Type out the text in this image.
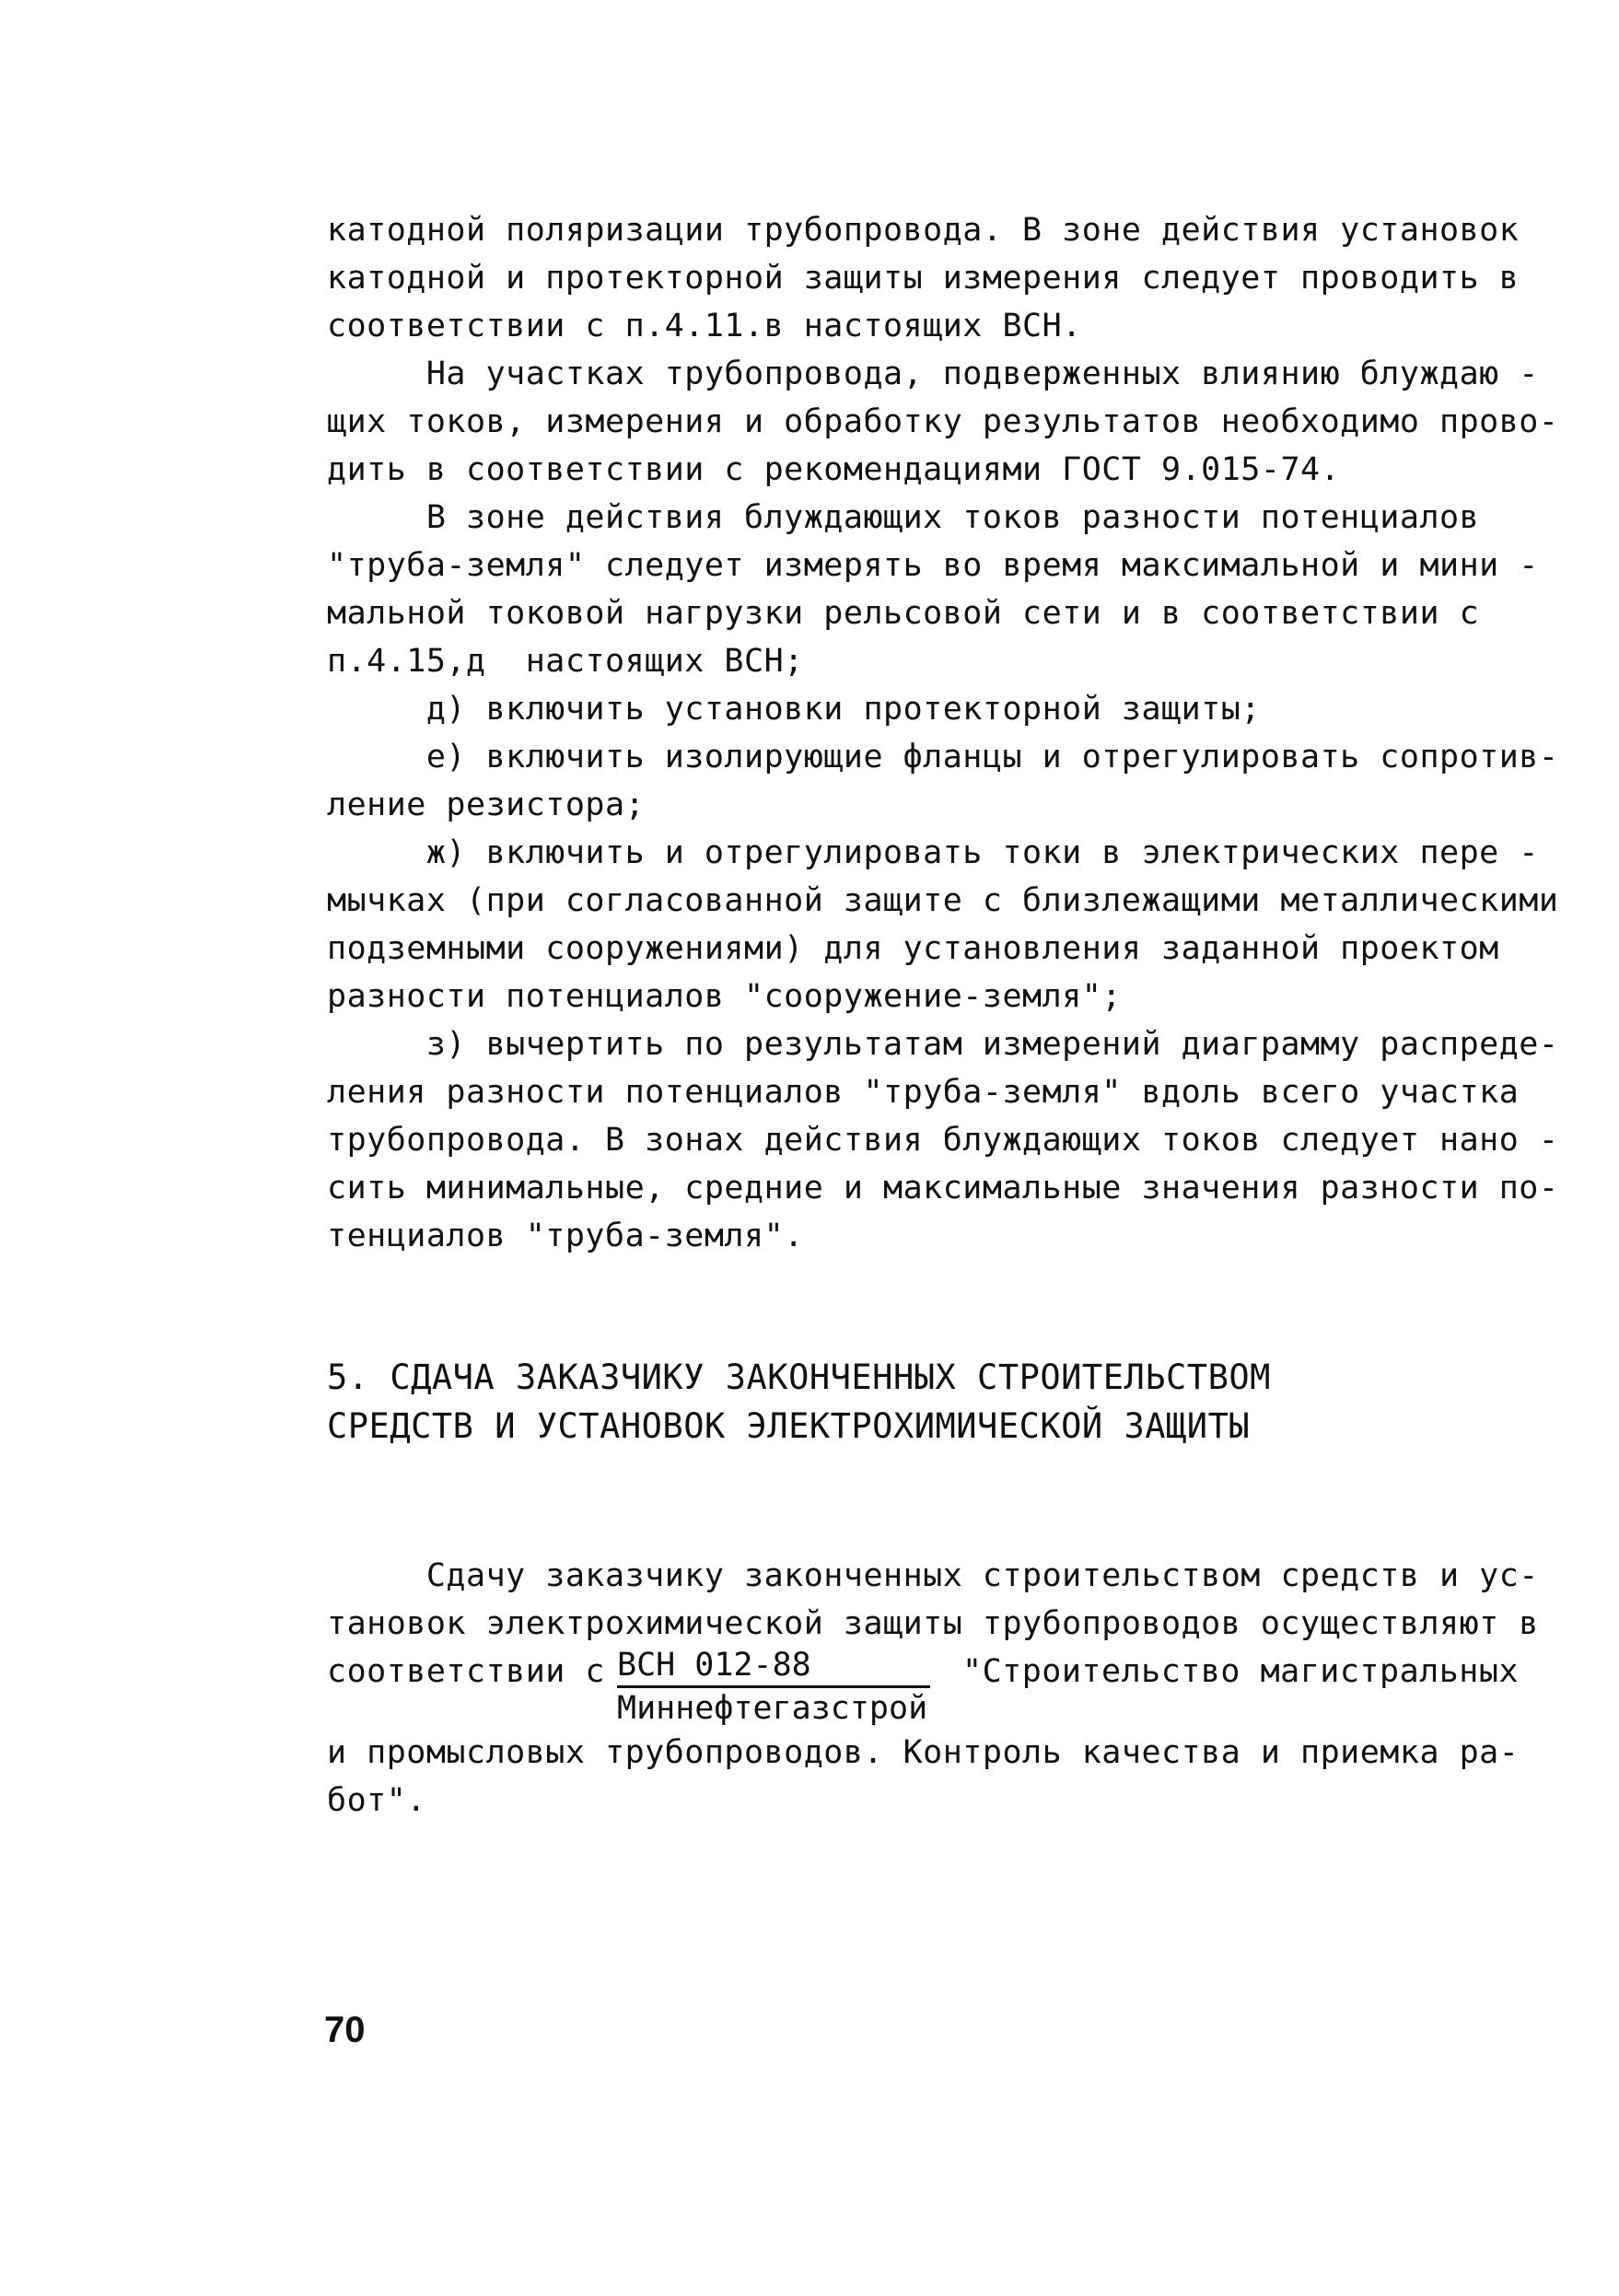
катодной поляризации трубопровода. В зоне действия установок
катодной и протекторной защиты измерения следует проводить в
соответствии с п.4.11.в настоящих ВСН.
На участках трубопровода, подверженных влиянию блуждаю -
щих токов, измерения и обработку результатов необходимо прово-
дить в соответствии с рекомендациями ГОСТ 9.015-74.
В зоне действия блуждающих токов разности потенциалов
"труба-земля" следует измерять во время максимальной и мини -
мальной токовой нагрузки рельсовой сети и в соответствии с
п.4.15,д  настоящих ВСН;
д) включить установки протекторной защиты;
е) включить изолирующие фланцы и отрегулировать сопротив-
ление резистора;
ж) включить и отрегулировать токи в электрических пере -
мычках (при согласованной защите с близлежащими металлическими
подземными сооружениями) для установления заданной проектом
разности потенциалов "сооружение-земля";
з) вычертить по результатам измерений диаграмму распреде-
ления разности потенциалов "труба-земля" вдоль всего участка
трубопровода. В зонах действия блуждающих токов следует нано -
сить минимальные, средние и максимальные значения разности по-
тенциалов "труба-земля".
5. СДАЧА ЗАКАЗЧИКУ ЗАКОНЧЕННЫХ СТРОИТЕЛЬСТВОМ
СРЕДСТВ И УСТАНОВОК ЭЛЕКТРОХИМИЧЕСКОЙ ЗАЩИТЫ
Сдачу заказчику законченных строительством средств и ус-
тановок электрохимической защиты трубопроводов осуществляют в
соответствии с ВСН 012-88
Миннефтегазстрой
"Строительство магистральных
и промысловых трубопроводов. Контроль качества и приемка ра-
бот".
70
